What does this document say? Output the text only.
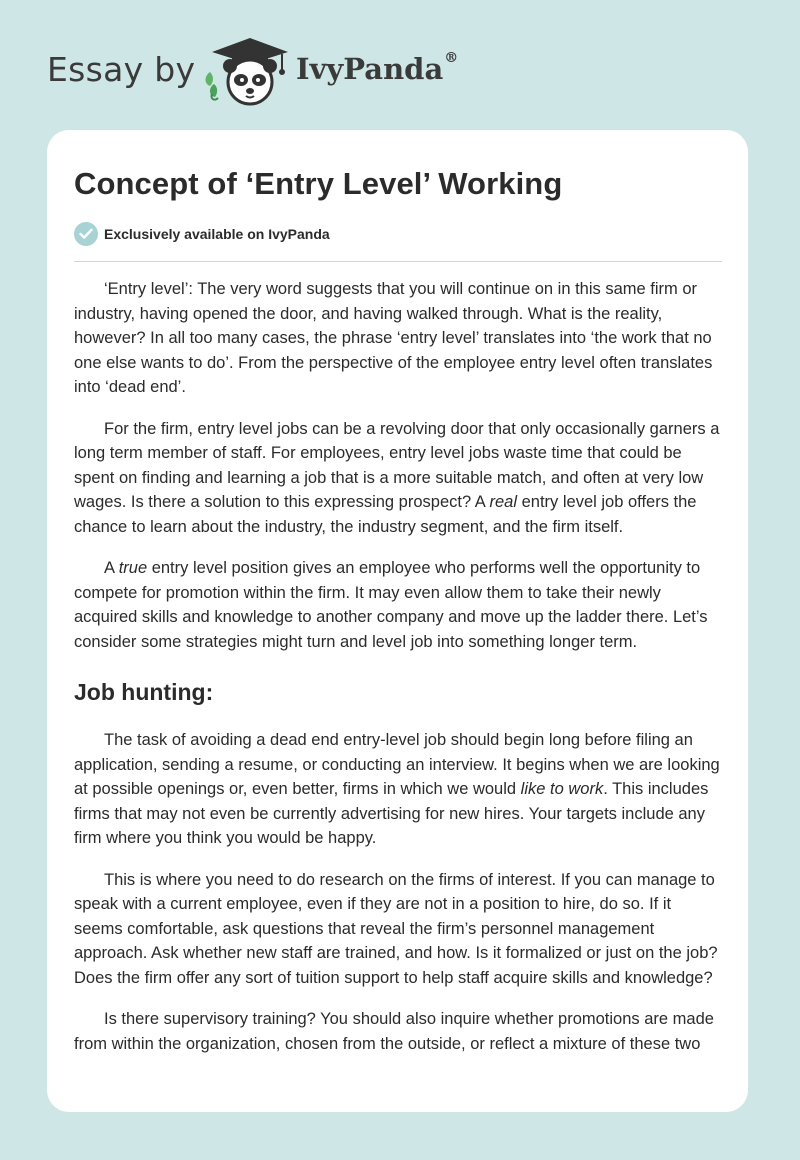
Essay by	IvyPanda®
Concept of ‘Entry Level’ Working
Exclusively available on IvyPanda

‘Entry level’: The very word suggests that you will continue on in this same firm or industry, having opened the door, and having walked through. What is the reality, however? In all too many cases, the phrase ‘entry level’ translates into ‘the work that no one else wants to do’. From the perspective of the employee entry level often translates into ‘dead end’.

For the firm, entry level jobs can be a revolving door that only occasionally garners a long term member of staff. For employees, entry level jobs waste time that could be spent on finding and learning a job that is a more suitable match, and often at very low wages. Is there a solution to this expressing prospect? A real entry level job offers the chance to learn about the industry, the industry segment, and the firm itself.

A true entry level position gives an employee who performs well the opportunity to compete for promotion within the firm. It may even allow them to take their newly acquired skills and knowledge to another company and move up the ladder there. Let’s consider some strategies might turn and level job into something longer term.

Job hunting:

The task of avoiding a dead end entry-level job should begin long before filing an application, sending a resume, or conducting an interview. It begins when we are looking at possible openings or, even better, firms in which we would like to work. This includes firms that may not even be currently advertising for new hires. Your targets include any firm where you think you would be happy.

This is where you need to do research on the firms of interest. If you can manage to speak with a current employee, even if they are not in a position to hire, do so. If it seems comfortable, ask questions that reveal the firm’s personnel management approach. Ask whether new staff are trained, and how. Is it formalized or just on the job? Does the firm offer any sort of tuition support to help staff acquire skills and knowledge?

Is there supervisory training? You should also inquire whether promotions are made from within the organization, chosen from the outside, or reflect a mixture of these two
